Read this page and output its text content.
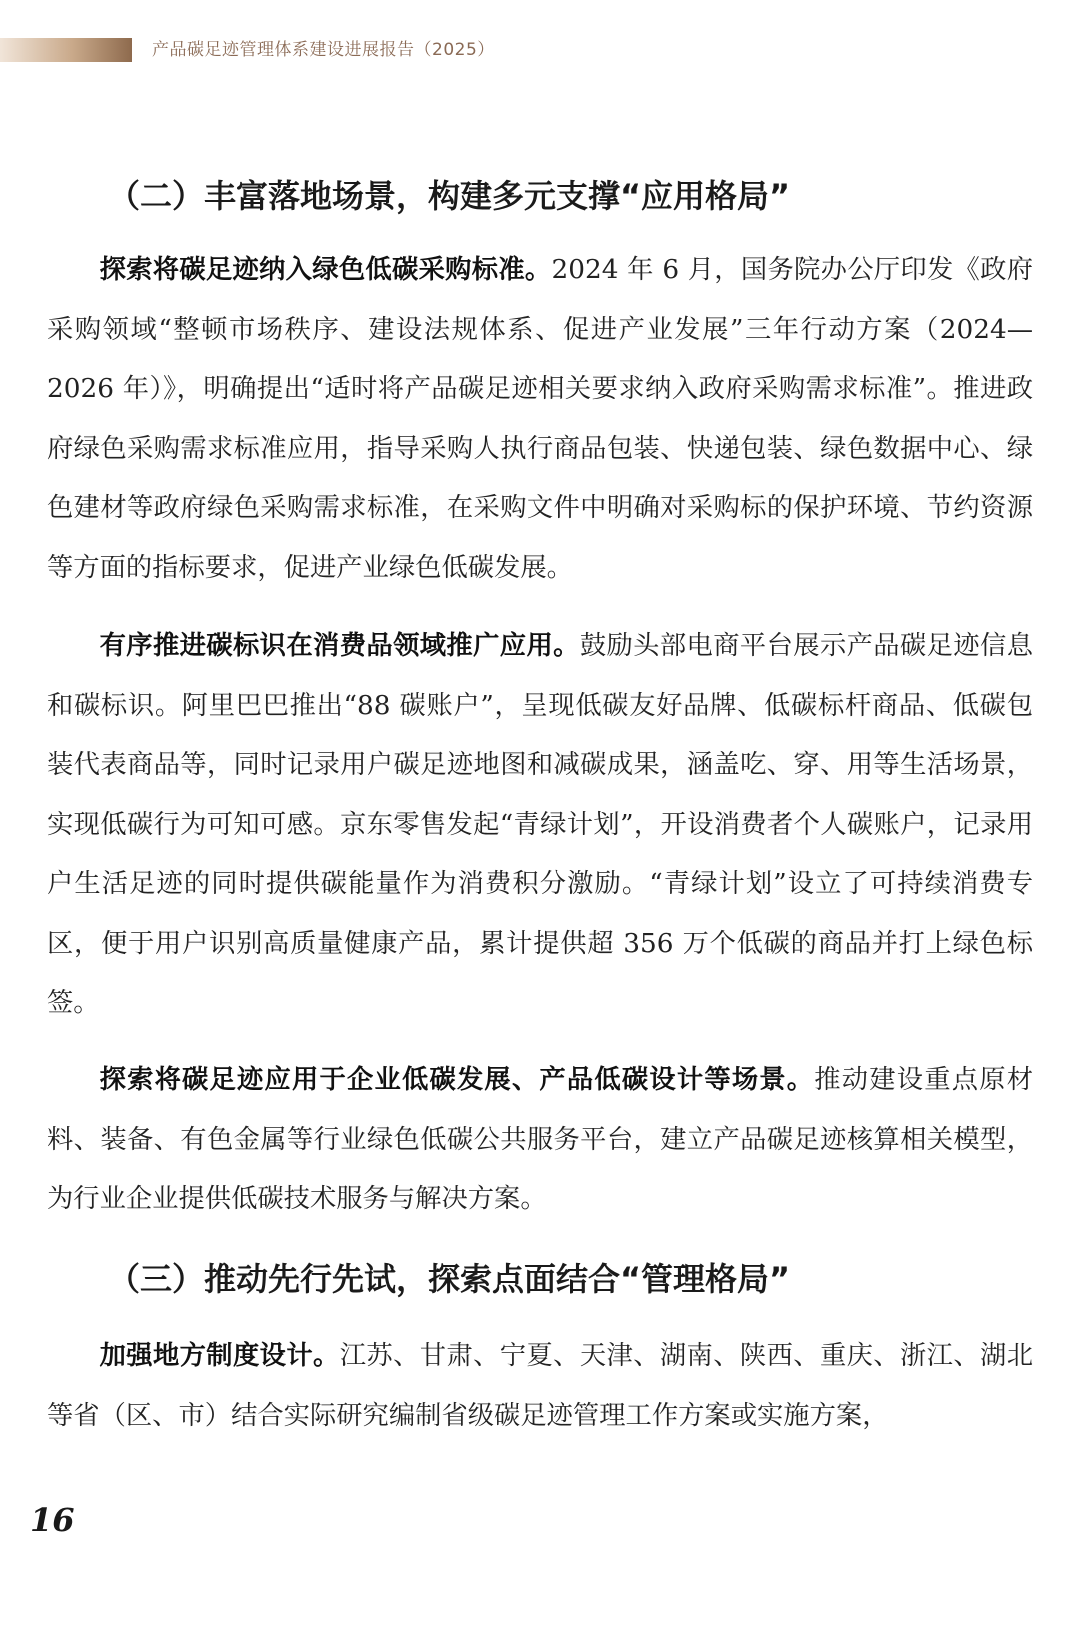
产品碳足迹管理体系建设进展报告（2025）
（二）丰富落地场景，构建多元支撑“应用格局”

探索将碳足迹纳入绿色低碳采购标准。2024 年 6 月，国务院办公厅印发《政府采购领域“整顿市场秩序、建设法规体系、促进产业发展”三年行动方案（2024—2026 年）》，明确提出“适时将产品碳足迹相关要求纳入政府采购需求标准”。推进政府绿色采购需求标准应用，指导采购人执行商品包装、快递包装、绿色数据中心、绿色建材等政府绿色采购需求标准，在采购文件中明确对采购标的保护环境、节约资源等方面的指标要求，促进产业绿色低碳发展。

有序推进碳标识在消费品领域推广应用。鼓励头部电商平台展示产品碳足迹信息和碳标识。阿里巴巴推出“88 碳账户”，呈现低碳友好品牌、低碳标杆商品、低碳包装代表商品等，同时记录用户碳足迹地图和减碳成果，涵盖吃、穿、用等生活场景，实现低碳行为可知可感。京东零售发起“青绿计划”，开设消费者个人碳账户，记录用户生活足迹的同时提供碳能量作为消费积分激励。“青绿计划”设立了可持续消费专区，便于用户识别高质量健康产品，累计提供超 356 万个低碳的商品并打上绿色标签。

探索将碳足迹应用于企业低碳发展、产品低碳设计等场景。推动建设重点原材料、装备、有色金属等行业绿色低碳公共服务平台，建立产品碳足迹核算相关模型，为行业企业提供低碳技术服务与解决方案。

（三）推动先行先试，探索点面结合“管理格局”

加强地方制度设计。江苏、甘肃、宁夏、天津、湖南、陕西、重庆、浙江、湖北等省（区、市）结合实际研究编制省级碳足迹管理工作方案或实施方案，

16
